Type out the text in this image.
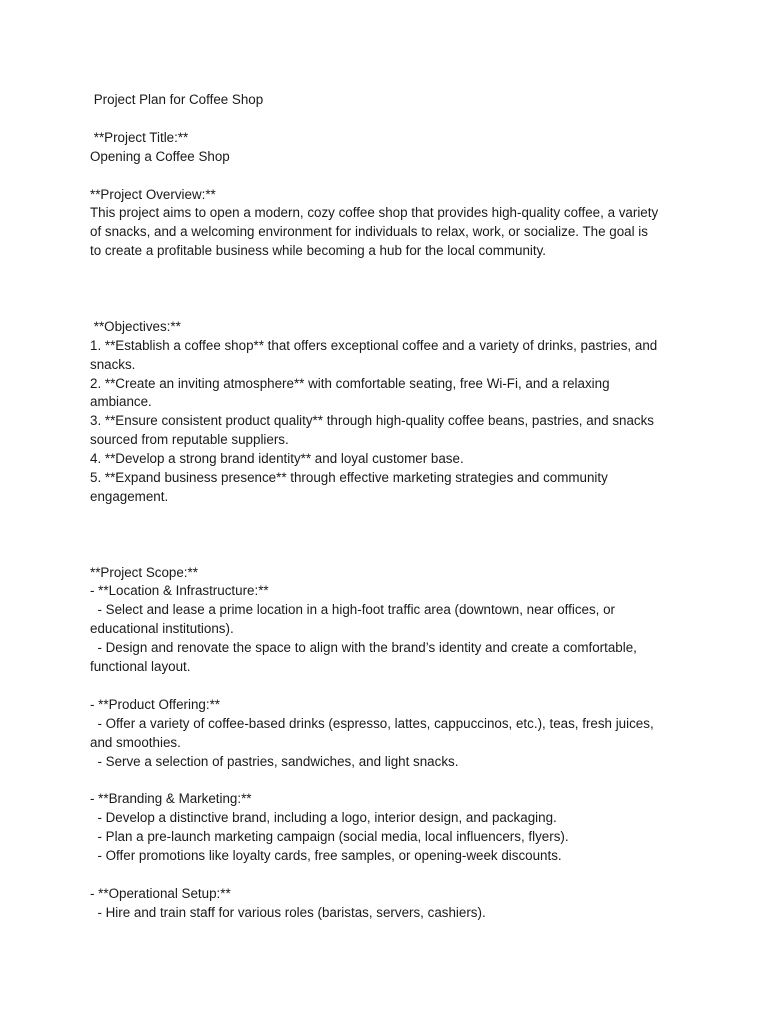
Project Plan for Coffee Shop
**Project Title:**
Opening a Coffee Shop
**Project Overview:**
This project aims to open a modern, cozy coffee shop that provides high-quality coffee, a variety
of snacks, and a welcoming environment for individuals to relax, work, or socialize. The goal is
to create a profitable business while becoming a hub for the local community.
**Objectives:**
1. **Establish a coffee shop** that offers exceptional coffee and a variety of drinks, pastries, and
snacks.
2. **Create an inviting atmosphere** with comfortable seating, free Wi-Fi, and a relaxing
ambiance.
3. **Ensure consistent product quality** through high-quality coffee beans, pastries, and snacks
sourced from reputable suppliers.
4. **Develop a strong brand identity** and loyal customer base.
5. **Expand business presence** through effective marketing strategies and community
engagement.
**Project Scope:**
- **Location & Infrastructure:**
- Select and lease a prime location in a high-foot traffic area (downtown, near offices, or
educational institutions).
- Design and renovate the space to align with the brand’s identity and create a comfortable,
functional layout.
- **Product Offering:**
- Offer a variety of coffee-based drinks (espresso, lattes, cappuccinos, etc.), teas, fresh juices,
and smoothies.
- Serve a selection of pastries, sandwiches, and light snacks.
- **Branding & Marketing:**
- Develop a distinctive brand, including a logo, interior design, and packaging.
- Plan a pre-launch marketing campaign (social media, local influencers, flyers).
- Offer promotions like loyalty cards, free samples, or opening-week discounts.
- **Operational Setup:**
- Hire and train staff for various roles (baristas, servers, cashiers).
